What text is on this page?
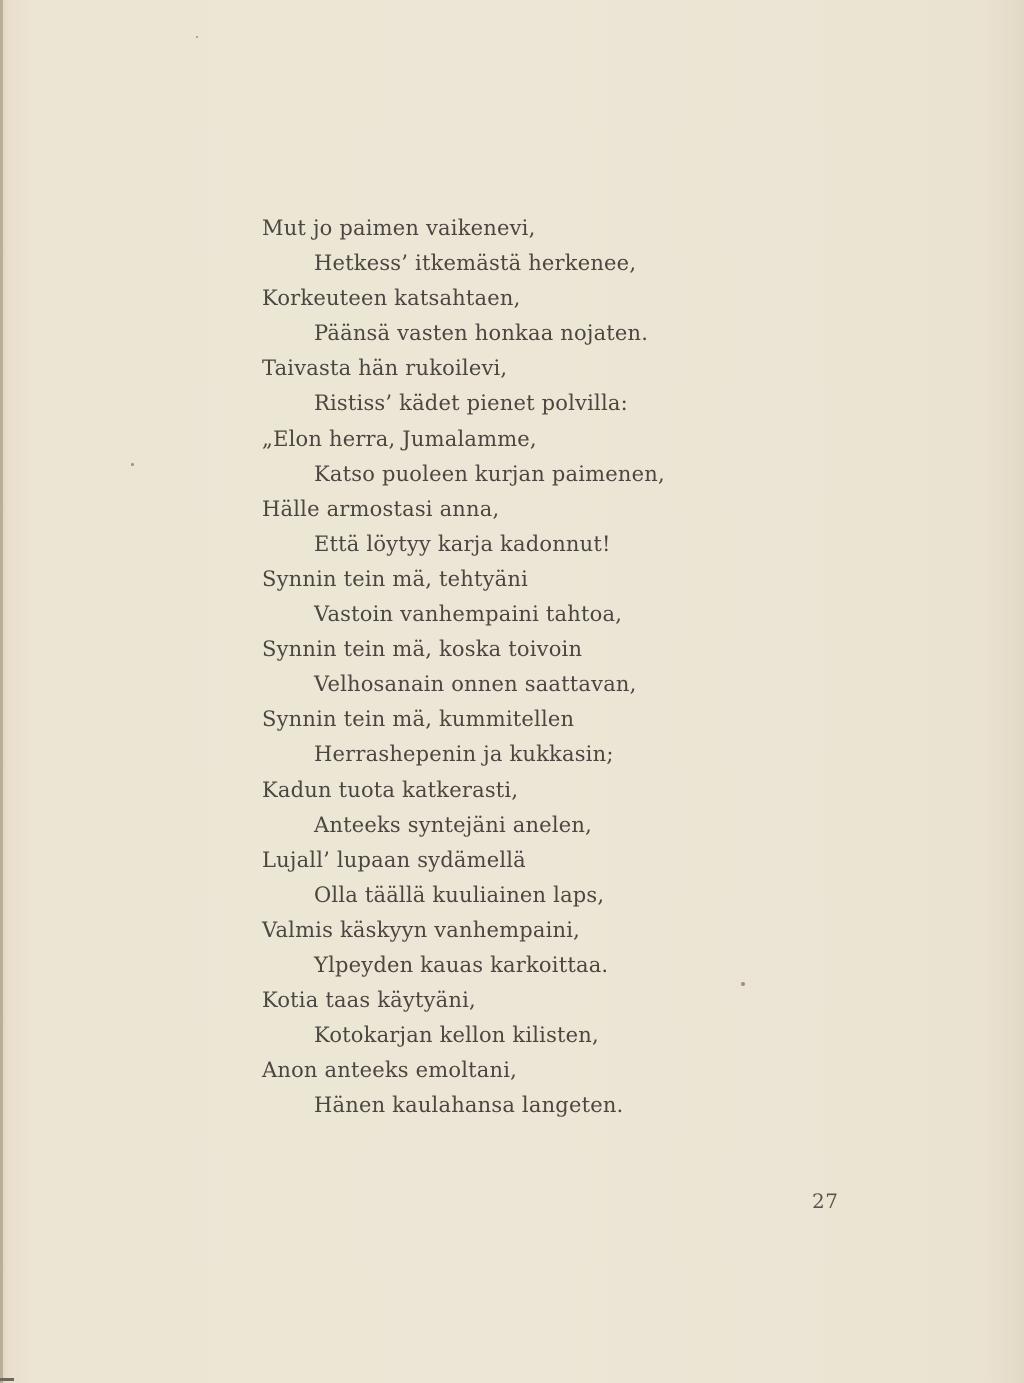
Mut jo paimen vaikenevi,
Hetkess’ itkemästä herkenee,
Korkeuteen katsahtaen,
Päänsä vasten honkaa nojaten.
Taivasta hän rukoilevi,
Ristiss’ kädet pienet polvilla:
„Elon herra, Jumalamme,
Katso puoleen kurjan paimenen,
Hälle armostasi anna,
Että löytyy karja kadonnut!
Synnin tein mä, tehtyäni
Vastoin vanhempaini tahtoa,
Synnin tein mä, koska toivoin
Velhosanain onnen saattavan,
Synnin tein mä, kummitellen
Herrashepenin ja kukkasin;
Kadun tuota katkerasti,
Anteeks syntejäni anelen,
Lujall’ lupaan sydämellä
Olla täällä kuuliainen laps,
Valmis käskyyn vanhempaini,
Ylpeyden kauas karkoittaa.
Kotia taas käytyäni,
Kotokarjan kellon kilisten,
Anon anteeks emoltani,
Hänen kaulahansa langeten.
27
